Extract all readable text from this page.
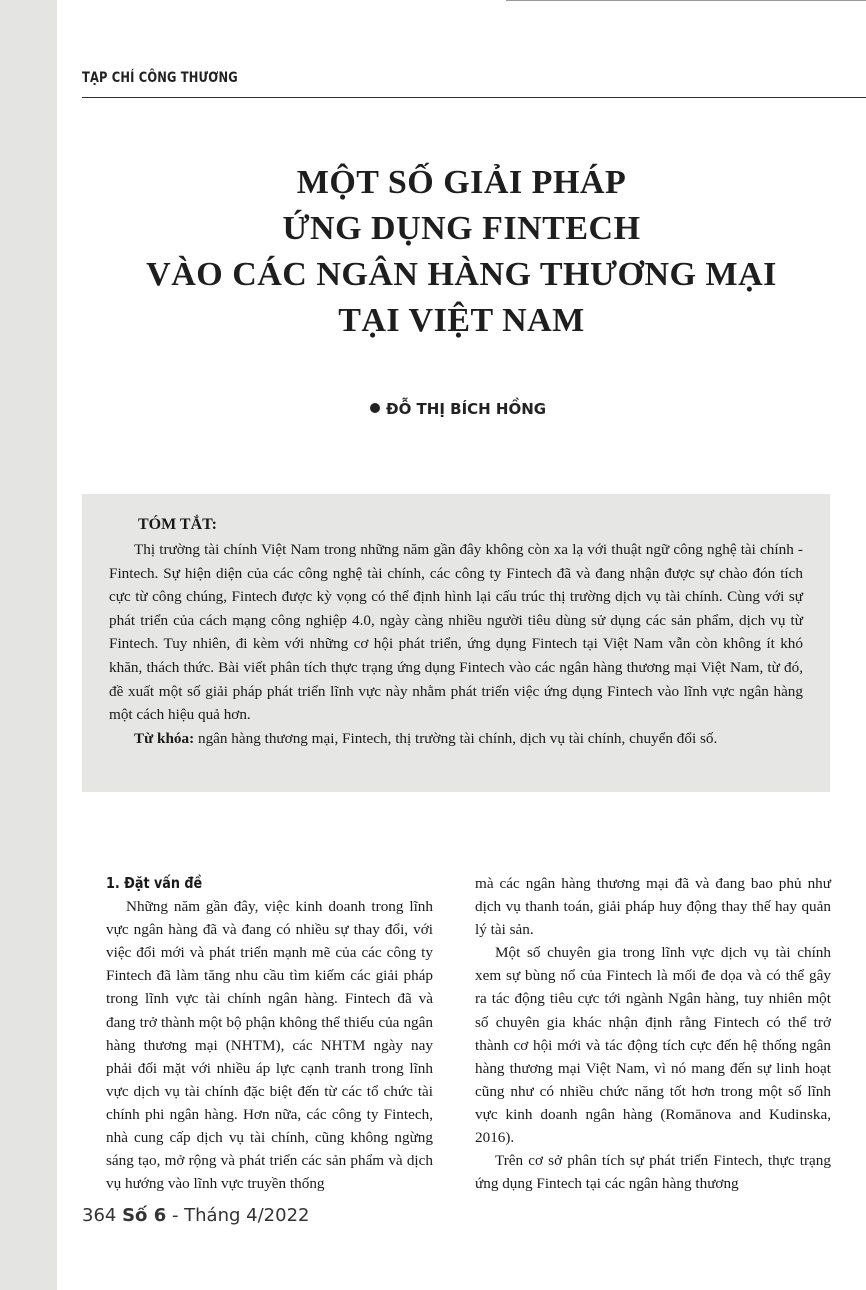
TẠP CHÍ CÔNG THƯƠNG
MỘT SỐ GIẢI PHÁP
ỨNG DỤNG FINTECH
VÀO CÁC NGÂN HÀNG THƯƠNG MẠI
TẠI VIỆT NAM
ĐỖ THỊ BÍCH HỒNG
TÓM TẮT:

Thị trường tài chính Việt Nam trong những năm gần đây không còn xa lạ với thuật ngữ công nghệ tài chính - Fintech. Sự hiện diện của các công nghệ tài chính, các công ty Fintech đã và đang nhận được sự chào đón tích cực từ công chúng, Fintech được kỳ vọng có thể định hình lại cấu trúc thị trường dịch vụ tài chính. Cùng với sự phát triển của cách mạng công nghiệp 4.0, ngày càng nhiều người tiêu dùng sử dụng các sản phẩm, dịch vụ từ Fintech. Tuy nhiên, đi kèm với những cơ hội phát triển, ứng dụng Fintech tại Việt Nam vẫn còn không ít khó khăn, thách thức. Bài viết phân tích thực trạng ứng dụng Fintech vào các ngân hàng thương mại Việt Nam, từ đó, đề xuất một số giải pháp phát triển lĩnh vực này nhằm phát triển việc ứng dụng Fintech vào lĩnh vực ngân hàng một cách hiệu quả hơn.

Từ khóa: ngân hàng thương mại, Fintech, thị trường tài chính, dịch vụ tài chính, chuyển đổi số.

1. Đặt vấn đề

Những năm gần đây, việc kinh doanh trong lĩnh vực ngân hàng đã và đang có nhiều sự thay đổi, với việc đổi mới và phát triển mạnh mẽ của các công ty Fintech đã làm tăng nhu cầu tìm kiếm các giải pháp trong lĩnh vực tài chính ngân hàng. Fintech đã và đang trở thành một bộ phận không thể thiếu của ngân hàng thương mại (NHTM), các NHTM ngày nay phải đối mặt với nhiều áp lực cạnh tranh trong lĩnh vực dịch vụ tài chính đặc biệt đến từ các tổ chức tài chính phi ngân hàng. Hơn nữa, các công ty Fintech, nhà cung cấp dịch vụ tài chính, cũng không ngừng sáng tạo, mở rộng và phát triển các sản phẩm và dịch vụ hướng vào lĩnh vực truyền thống

mà các ngân hàng thương mại đã và đang bao phủ như dịch vụ thanh toán, giải pháp huy động thay thế hay quản lý tài sản.

Một số chuyên gia trong lĩnh vực dịch vụ tài chính xem sự bùng nổ của Fintech là mối đe dọa và có thể gây ra tác động tiêu cực tới ngành Ngân hàng, tuy nhiên một số chuyên gia khác nhận định rằng Fintech có thể trở thành cơ hội mới và tác động tích cực đến hệ thống ngân hàng thương mại Việt Nam, vì nó mang đến sự linh hoạt cũng như có nhiều chức năng tốt hơn trong một số lĩnh vực kinh doanh ngân hàng (Romānova and Kudinska, 2016).

Trên cơ sở phân tích sự phát triển Fintech, thực trạng ứng dụng Fintech tại các ngân hàng thương

364 Số 6 - Tháng 4/2022
